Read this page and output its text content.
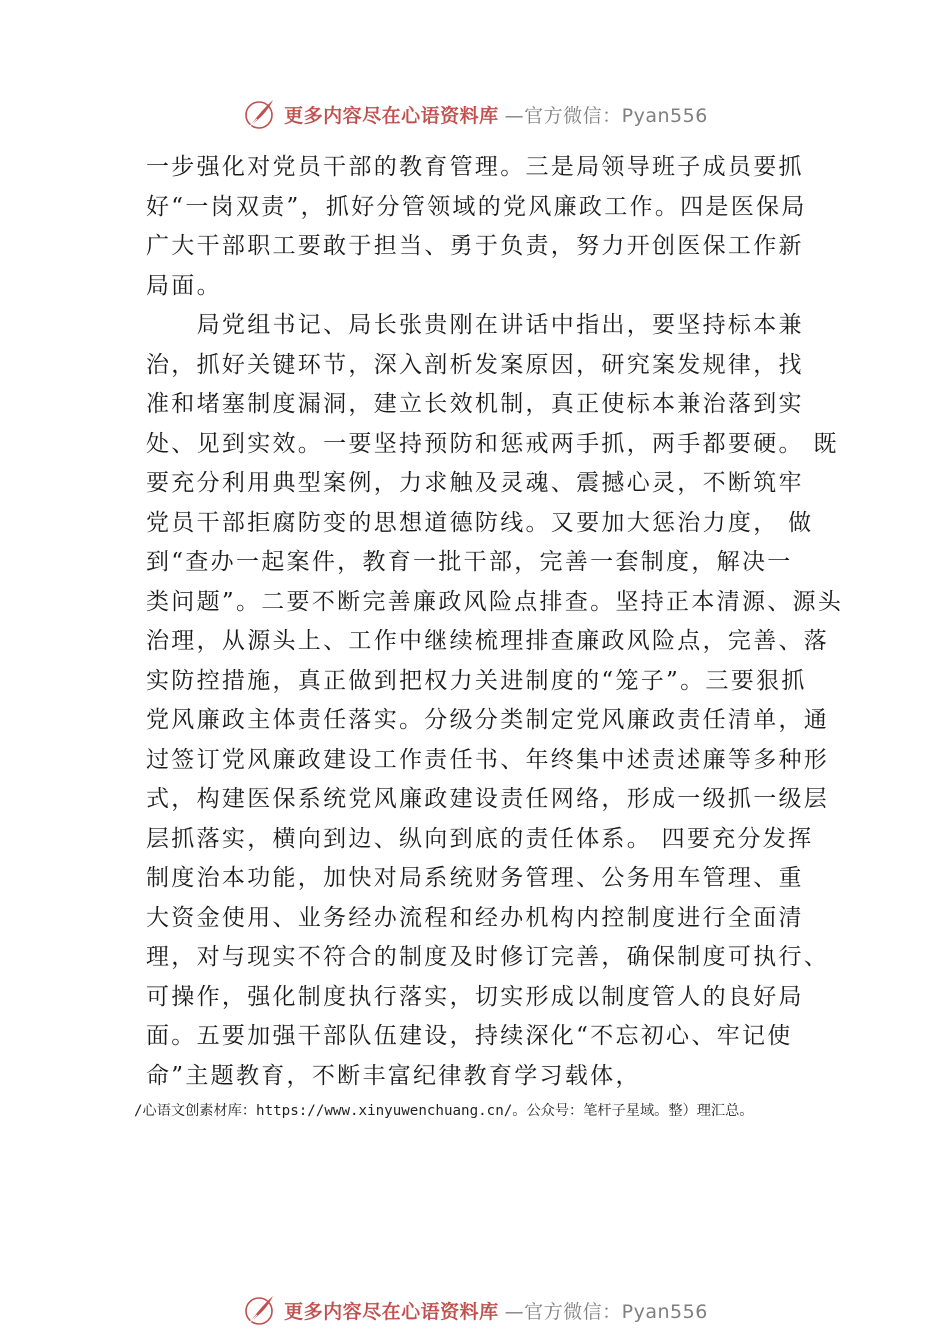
更多内容尽在心语资料库 —官方微信：Pyan556
一步强化对党员干部的教育管理。三是局领导班子成员要抓
好“一岗双责”，抓好分管领域的党风廉政工作。四是医保局
广大干部职工要敢于担当、勇于负责，努力开创医保工作新
局面。
　　局党组书记、局长张贵刚在讲话中指出，要坚持标本兼
治，抓好关键环节，深入剖析发案原因，研究案发规律，找
准和堵塞制度漏洞，建立长效机制，真正使标本兼治落到实
处、见到实效。一要坚持预防和惩戒两手抓，两手都要硬。 既
要充分利用典型案例，力求触及灵魂、震撼心灵，不断筑牢
党员干部拒腐防变的思想道德防线。又要加大惩治力度， 做
到“查办一起案件，教育一批干部，完善一套制度，解决一
类问题”。二要不断完善廉政风险点排查。坚持正本清源、源头
治理，从源头上、工作中继续梳理排查廉政风险点，完善、落
实防控措施，真正做到把权力关进制度的“笼子”。三要狠抓
党风廉政主体责任落实。分级分类制定党风廉政责任清单，通
过签订党风廉政建设工作责任书、年终集中述责述廉等多种形
式，构建医保系统党风廉政建设责任网络，形成一级抓一级层
层抓落实，横向到边、纵向到底的责任体系。 四要充分发挥
制度治本功能，加快对局系统财务管理、公务用车管理、重
大资金使用、业务经办流程和经办机构内控制度进行全面清
理，对与现实不符合的制度及时修订完善，确保制度可执行、
可操作，强化制度执行落实，切实形成以制度管人的良好局
面。五要加强干部队伍建设，持续深化“不忘初心、牢记使
命”主题教育，不断丰富纪律教育学习载体，
/心语文创素材库：https://www.xinyuwenchuang.cn/。公众号：笔杆子星域。整）理汇总。
更多内容尽在心语资料库 —官方微信：Pyan556
